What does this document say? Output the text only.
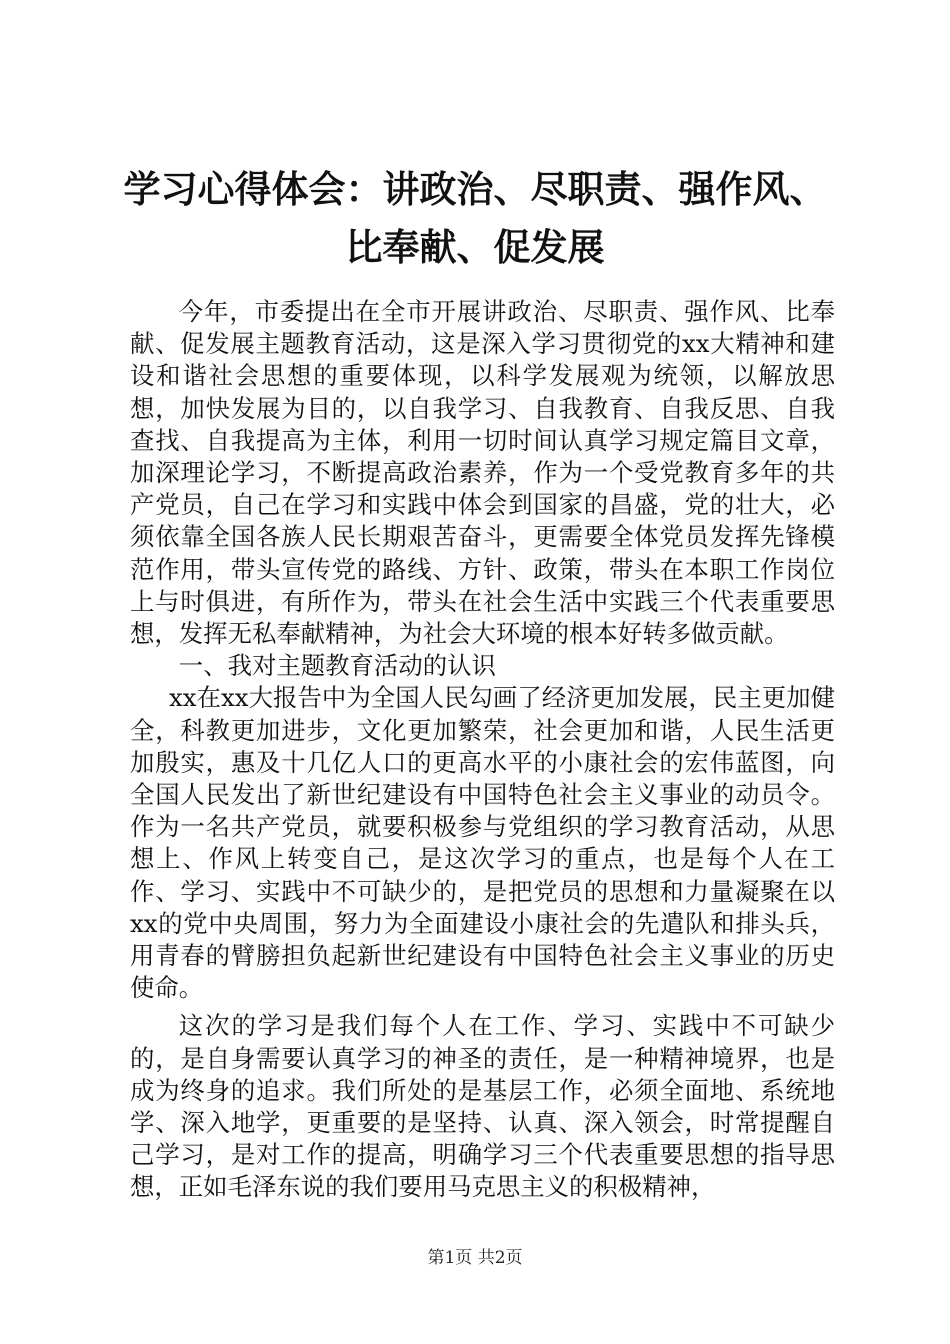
学习心得体会：讲政治、尽职责、强作风、比奉献、促发展

今年，市委提出在全市开展讲政治、尽职责、强作风、比奉献、促发展主题教育活动，这是深入学习贯彻党的xx大精神和建设和谐社会思想的重要体现，以科学发展观为统领，以解放思想，加快发展为目的，以自我学习、自我教育、自我反思、自我查找、自我提高为主体，利用一切时间认真学习规定篇目文章，加深理论学习，不断提高政治素养，作为一个受党教育多年的共产党员，自己在学习和实践中体会到国家的昌盛，党的壮大，必须依靠全国各族人民长期艰苦奋斗，更需要全体党员发挥先锋模范作用，带头宣传党的路线、方针、政策，带头在本职工作岗位上与时俱进，有所作为，带头在社会生活中实践三个代表重要思想，发挥无私奉献精神，为社会大环境的根本好转多做贡献。

一、我对主题教育活动的认识

xx在xx大报告中为全国人民勾画了经济更加发展，民主更加健全，科教更加进步，文化更加繁荣，社会更加和谐，人民生活更加殷实，惠及十几亿人口的更高水平的小康社会的宏伟蓝图，向全国人民发出了新世纪建设有中国特色社会主义事业的动员令。作为一名共产党员，就要积极参与党组织的学习教育活动，从思想上、作风上转变自己，是这次学习的重点，也是每个人在工作、学习、实践中不可缺少的，是把党员的思想和力量凝聚在以xx的党中央周围，努力为全面建设小康社会的先遣队和排头兵，用青春的臂膀担负起新世纪建设有中国特色社会主义事业的历史使命。

这次的学习是我们每个人在工作、学习、实践中不可缺少的，是自身需要认真学习的神圣的责任，是一种精神境界，也是成为终身的追求。我们所处的是基层工作，必须全面地、系统地学、深入地学，更重要的是坚持、认真、深入领会，时常提醒自己学习，是对工作的提高，明确学习三个代表重要思想的指导思想，正如毛泽东说的我们要用马克思主义的积极精神，

第1页 共2页
